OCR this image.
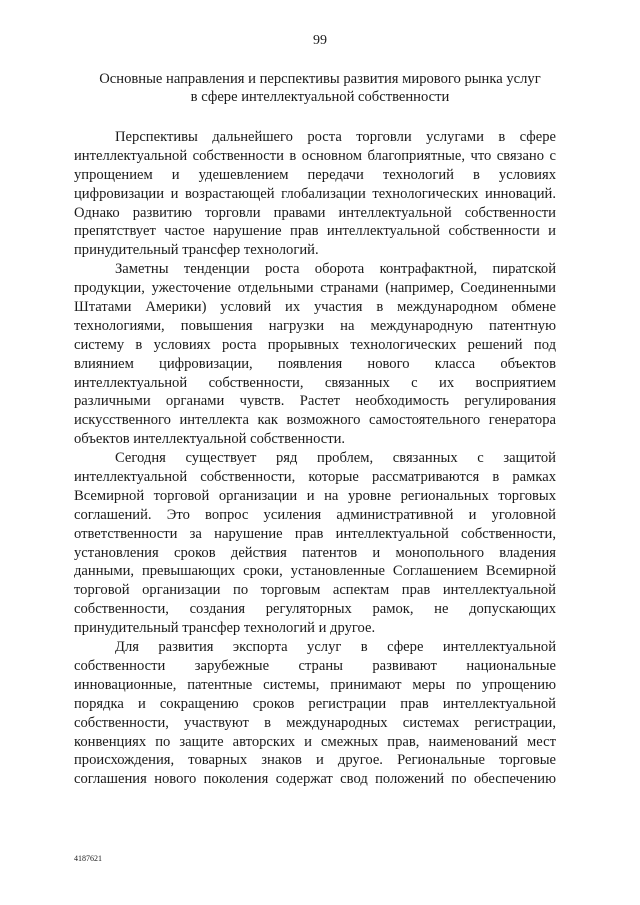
99
Основные направления и перспективы развития мирового рынка услуг
в сфере интеллектуальной собственности
Перспективы дальнейшего роста торговли услугами в сфере
интеллектуальной собственности в основном благоприятные, что связано с
упрощением и удешевлением передачи технологий в условиях
цифровизации и возрастающей глобализации технологических инноваций.
Однако развитию торговли правами интеллектуальной собственности
препятствует частое нарушение прав интеллектуальной собственности и
принудительный трансфер технологий.
Заметны тенденции роста оборота контрафактной, пиратской
продукции, ужесточение отдельными странами (например, Соединенными
Штатами Америки) условий их участия в международном обмене
технологиями, повышения нагрузки на международную патентную
систему в условиях роста прорывных технологических решений под
влиянием цифровизации, появления нового класса объектов
интеллектуальной собственности, связанных с их восприятием
различными органами чувств. Растет необходимость регулирования
искусственного интеллекта как возможного самостоятельного генератора
объектов интеллектуальной собственности.
Сегодня существует ряд проблем, связанных с защитой
интеллектуальной собственности, которые рассматриваются в рамках
Всемирной торговой организации и на уровне региональных торговых
соглашений. Это вопрос усиления административной и уголовной
ответственности за нарушение прав интеллектуальной собственности,
установления сроков действия патентов и монопольного владения
данными, превышающих сроки, установленные Соглашением Всемирной
торговой организации по торговым аспектам прав интеллектуальной
собственности, создания регуляторных рамок, не допускающих
принудительный трансфер технологий и другое.
Для развития экспорта услуг в сфере интеллектуальной
собственности зарубежные страны развивают национальные
инновационные, патентные системы, принимают меры по упрощению
порядка и сокращению сроков регистрации прав интеллектуальной
собственности, участвуют в международных системах регистрации,
конвенциях по защите авторских и смежных прав, наименований мест
происхождения, товарных знаков и другое. Региональные торговые
соглашения нового поколения содержат свод положений по обеспечению
4187621
